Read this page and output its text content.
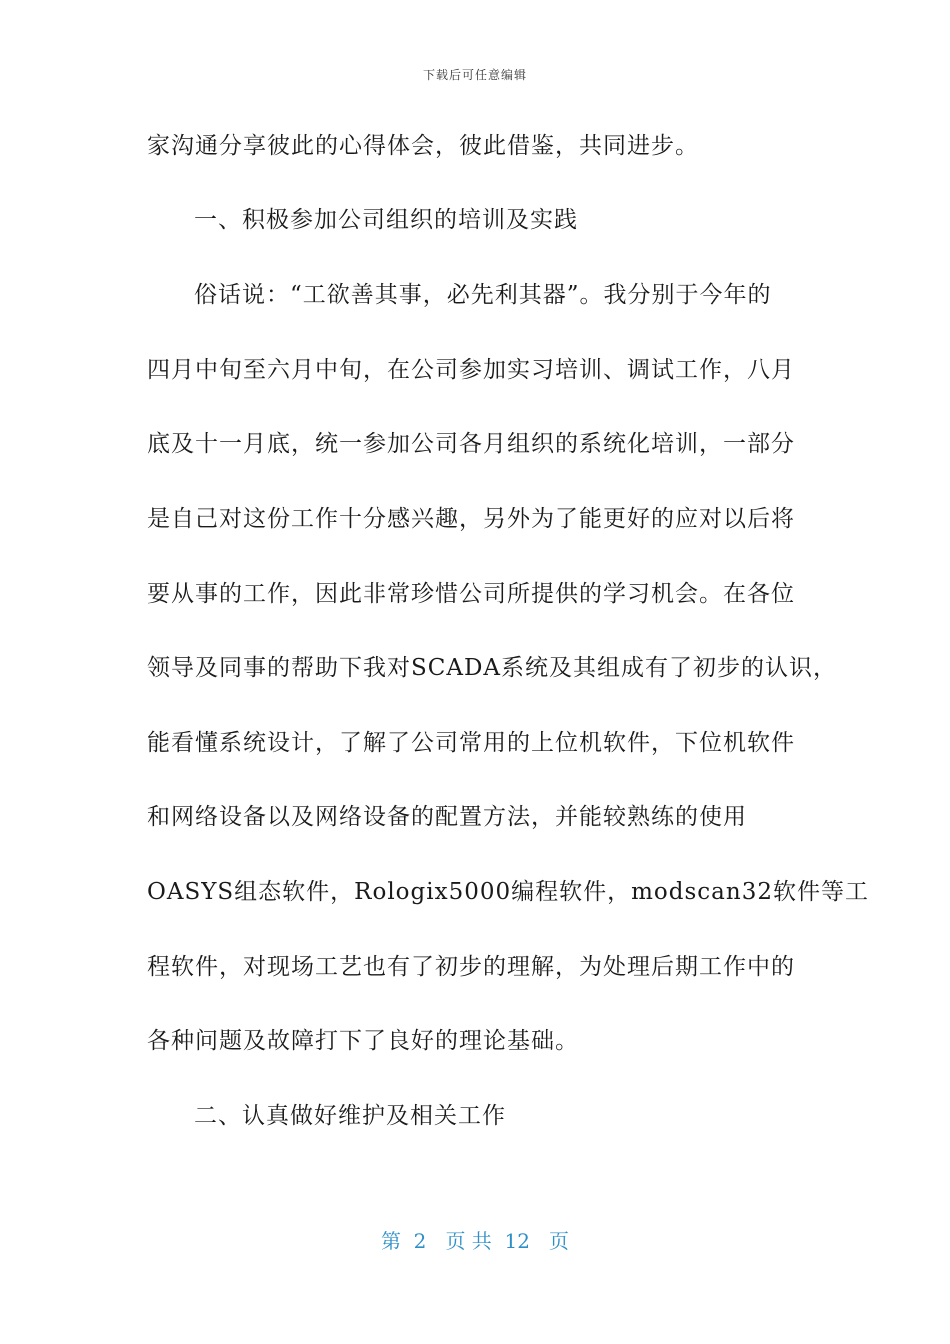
下载后可任意编辑
家沟通分享彼此的心得体会，彼此借鉴，共同进步。
一、积极参加公司组织的培训及实践
俗话说：“工欲善其事，必先利其器”。我分别于今年的
四月中旬至六月中旬，在公司参加实习培训、调试工作，八月
底及十一月底，统一参加公司各月组织的系统化培训，一部分
是自己对这份工作十分感兴趣，另外为了能更好的应对以后将
要从事的工作，因此非常珍惜公司所提供的学习机会。在各位
领导及同事的帮助下我对SCADA系统及其组成有了初步的认识，
能看懂系统设计，了解了公司常用的上位机软件，下位机软件
和网络设备以及网络设备的配置方法，并能较熟练的使用
OASYS组态软件，Rologix5000编程软件，modscan32软件等工
程软件，对现场工艺也有了初步的理解，为处理后期工作中的
各种问题及故障打下了良好的理论基础。
二、认真做好维护及相关工作
第  2   页 共  12   页
